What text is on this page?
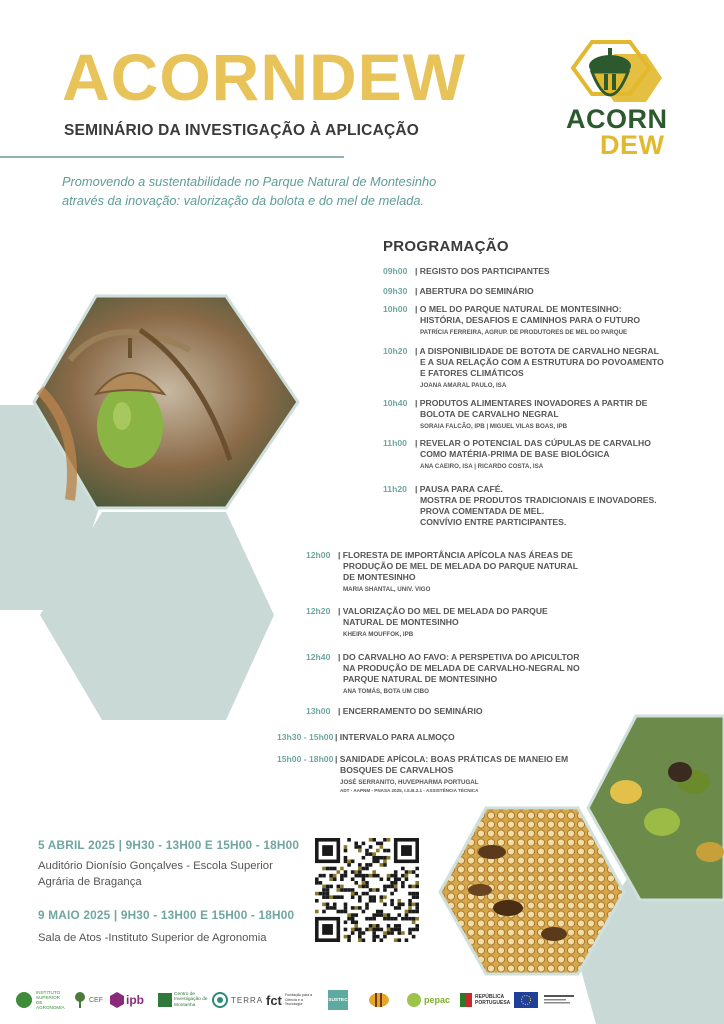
ACORNDEW
SEMINÁRIO DA INVESTIGAÇÃO À APLICAÇÃO
Promovendo a sustentabilidade no Parque Natural de Montesinho
através da inovação: valorização da bolota e do mel de melada.
ACORN
DEW
PROGRAMAÇÃO
09h00 | REGISTO DOS PARTICIPANTES
09h30 | ABERTURA DO SEMINÁRIO
10h00 | O MEL DO PARQUE NATURAL DE MONTESINHO:
HISTÓRIA, DESAFIOS E CAMINHOS PARA O FUTURO
PATRÍCIA FERREIRA, AGRUP. DE PRODUTORES DE MEL DO PARQUE
10h20 | A DISPONIBILIDADE DE BOTOTA DE CARVALHO NEGRAL
E A SUA RELAÇÃO COM A ESTRUTURA DO POVOAMENTO
E FATORES CLIMÁTICOS
JOANA AMARAL PAULO, ISA
10h40 | PRODUTOS ALIMENTARES INOVADORES A PARTIR DE
BOLOTA DE CARVALHO NEGRAL
SORAIA FALCÃO, IPB | MIGUEL VILAS BOAS, IPB
11h00 | REVELAR O POTENCIAL DAS CÚPULAS DE CARVALHO
COMO MATÉRIA-PRIMA DE BASE BIOLÓGICA
ANA CAEIRO, ISA | RICARDO COSTA, ISA
11h20 | PAUSA PARA CAFÉ.
MOSTRA DE PRODUTOS TRADICIONAIS E INOVADORES.
PROVA COMENTADA DE MEL.
CONVÍVIO ENTRE PARTICIPANTES.
12h00 | FLORESTA DE IMPORTÂNCIA APÍCOLA NAS ÁREAS DE
PRODUÇÃO DE MEL DE MELADA DO PARQUE NATURAL
DE MONTESINHO
MARIA SHANTAL, UNIV. VIGO
12h20 | VALORIZAÇÃO DO MEL DE MELADA DO PARQUE
NATURAL DE MONTESINHO
KHEIRA MOUFFOK, IPB
12h40 | DO CARVALHO AO FAVO: A PERSPETIVA DO APICULTOR
NA PRODUÇÃO DE MELADA DE CARVALHO-NEGRAL NO
PARQUE NATURAL DE MONTESINHO
ANA TOMÁS, BOTA UM CIBO
13h00 | ENCERRAMENTO DO SEMINÁRIO
13h30 - 15h00 | INTERVALO PARA ALMOÇO
15h00 - 18h00 | SANIDADE APÍCOLA: BOAS PRÁTICAS DE MANEIO EM
BOSQUES DE CARVALHOS
JOSÉ SERRANITO, HUVEPHARMA PORTUGAL
ADT - AAPNM - PNASA 2025, I.S.B.2.1 - ASSISTÊNCIA TÉCNICA
5 ABRIL 2025 | 9H30 - 13H00 E 15H00 - 18H00
Auditório Dionísio Gonçalves - Escola Superior
Agrária de Bragança
9 MAIO 2025 | 9H30 - 13H00 E 15H00 - 18H00
Sala de Atos -Instituto Superior de Agronomia
INSTITUTO SUPERIOR DE AGRONOMIA
CEF ipb	Centro de Investigação de Montanha
TERRA fct Fundação para a Ciência e a Tecnologia
SUSTEC	pepac	REPÚBLICA PORTUGUESA
